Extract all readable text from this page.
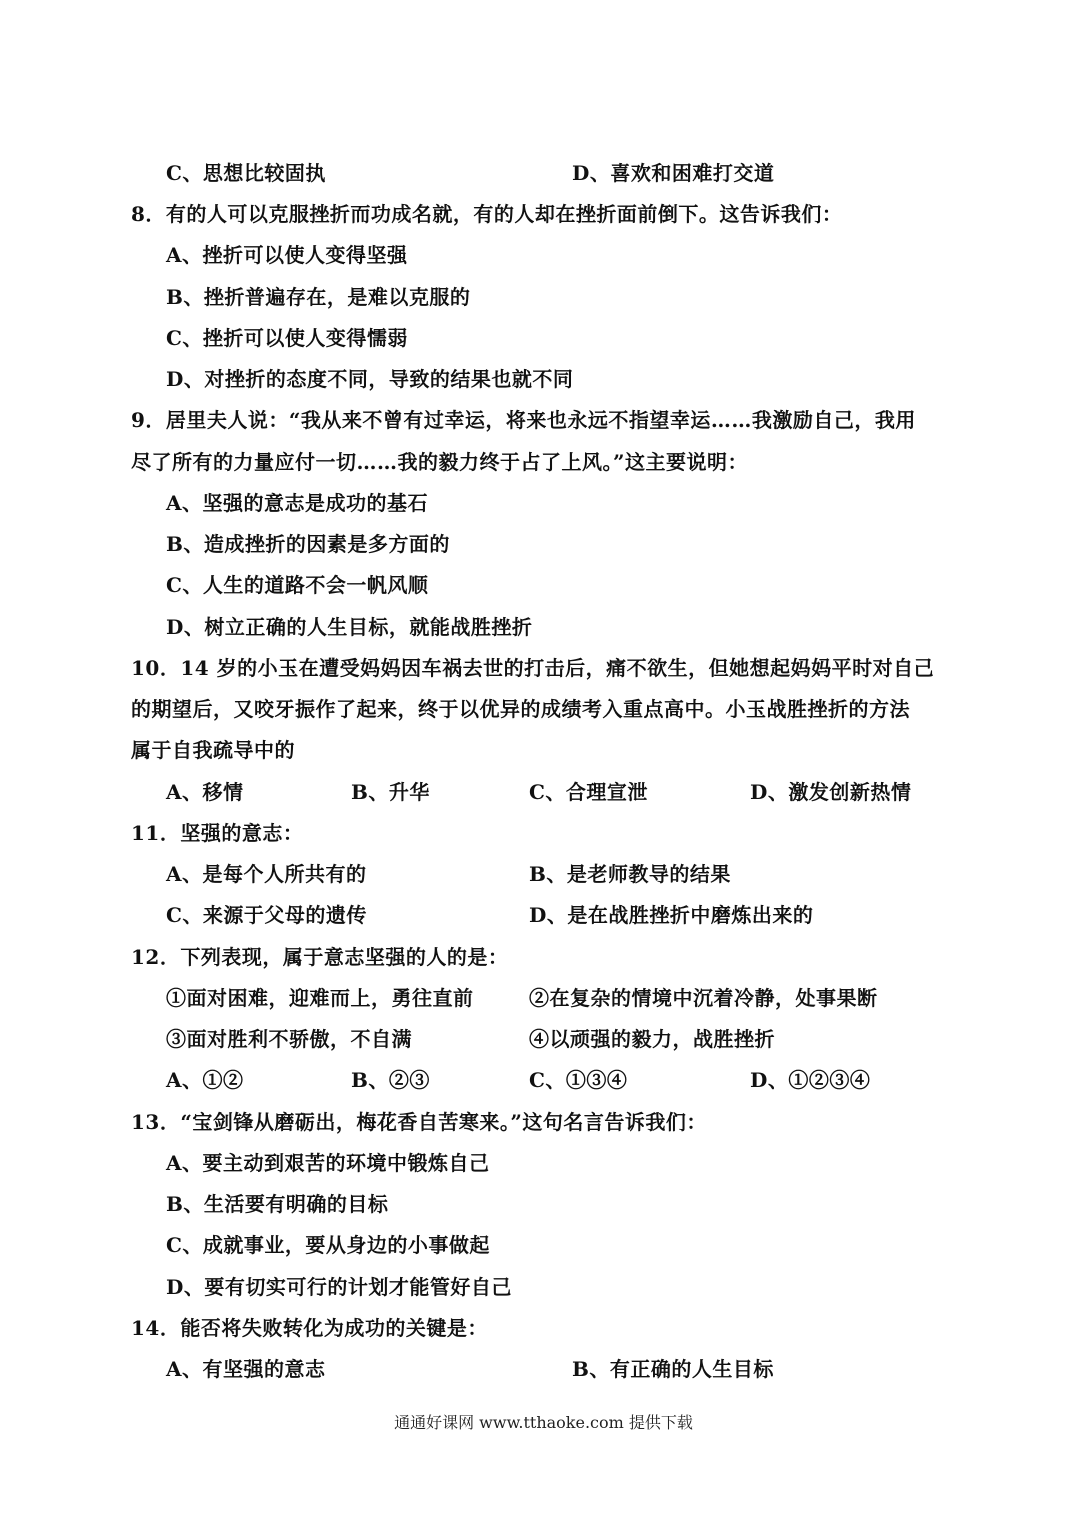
C、思想比较固执	D、喜欢和困难打交道
8．有的人可以克服挫折而功成名就，有的人却在挫折面前倒下。这告诉我们：
A、挫折可以使人变得坚强
B、挫折普遍存在，是难以克服的
C、挫折可以使人变得懦弱
D、对挫折的态度不同，导致的结果也就不同
9．居里夫人说：“我从来不曾有过幸运，将来也永远不指望幸运……我激励自己，我用
尽了所有的力量应付一切……我的毅力终于占了上风。”这主要说明：
A、坚强的意志是成功的基石
B、造成挫折的因素是多方面的
C、人生的道路不会一帆风顺
D、树立正确的人生目标，就能战胜挫折
10．14 岁的小玉在遭受妈妈因车祸去世的打击后，痛不欲生，但她想起妈妈平时对自己
的期望后，又咬牙振作了起来，终于以优异的成绩考入重点高中。小玉战胜挫折的方法
属于自我疏导中的
A、移情	B、升华	C、合理宣泄	D、激发创新热情
11．坚强的意志：
A、是每个人所共有的	B、是老师教导的结果
C、来源于父母的遗传	D、是在战胜挫折中磨炼出来的
12．下列表现，属于意志坚强的人的是：
①面对困难，迎难而上，勇往直前	②在复杂的情境中沉着冷静，处事果断
③面对胜利不骄傲，不自满	④以顽强的毅力，战胜挫折
A、①②	B、②③	C、①③④	D、①②③④
13．“宝剑锋从磨砺出，梅花香自苦寒来。”这句名言告诉我们：
A、要主动到艰苦的环境中锻炼自己
B、生活要有明确的目标
C、成就事业，要从身边的小事做起
D、要有切实可行的计划才能管好自己
14．能否将失败转化为成功的关键是：
A、有坚强的意志	B、有正确的人生目标
通通好课网 www.tthaoke.com 提供下载
